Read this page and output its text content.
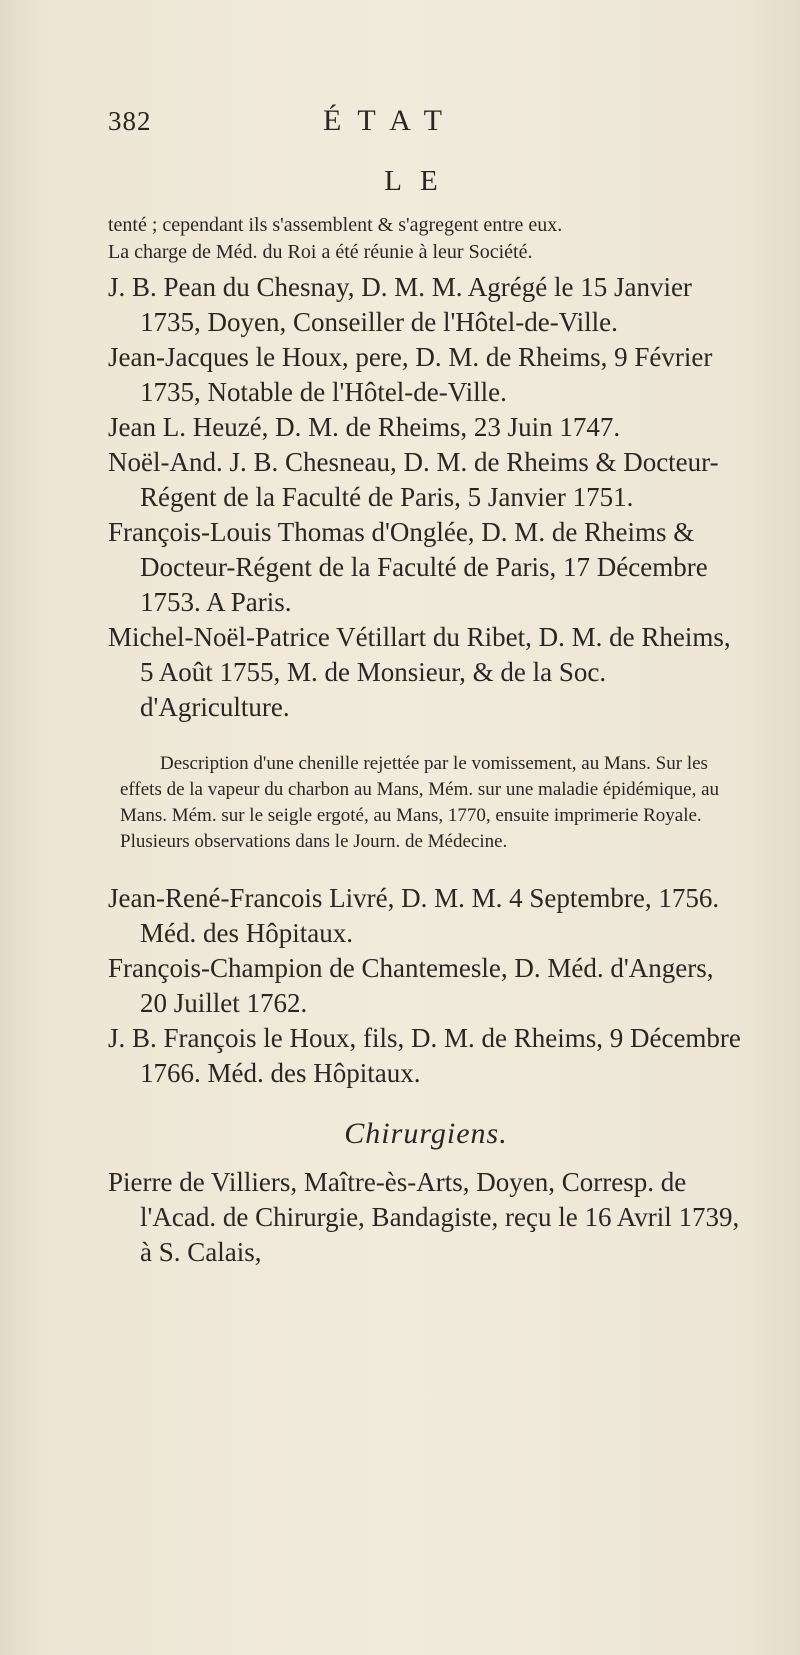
382	ÉTAT
LE

tenté ; cependant ils s'assemblent & s'agregent entre eux.

La charge de Méd. du Roi a été réunie à leur Société.

J. B. Pean du Chesnay, D. M. M. Agrégé le 15 Janvier 1735, Doyen, Conseiller de l'Hôtel-de-Ville.

Jean-Jacques le Houx, pere, D. M. de Rheims, 9 Février 1735, Notable de l'Hôtel-de-Ville.

Jean L. Heuzé, D. M. de Rheims, 23 Juin 1747.

Noël-And. J. B. Chesneau, D. M. de Rheims & Docteur-Régent de la Faculté de Paris, 5 Janvier 1751.

François-Louis Thomas d'Onglée, D. M. de Rheims & Docteur-Régent de la Faculté de Paris, 17 Décembre 1753. A Paris.

Michel-Noël-Patrice Vétillart du Ribet, D. M. de Rheims, 5 Août 1755, M. de Monsieur, & de la Soc. d'Agriculture.

Description d'une chenille rejettée par le vomissement, au Mans. Sur les effets de la vapeur du charbon au Mans, Mém. sur une maladie épidémique, au Mans. Mém. sur le seigle ergoté, au Mans, 1770, ensuite imprimerie Royale. Plusieurs observations dans le Journ. de Médecine.

Jean-René-Francois Livré, D. M. M. 4 Septembre, 1756. Méd. des Hôpitaux.

François-Champion de Chantemesle, D. Méd. d'Angers, 20 Juillet 1762.

J. B. François le Houx, fils, D. M. de Rheims, 9 Décembre 1766. Méd. des Hôpitaux.

Chirurgiens.

Pierre de Villiers, Maître-ès-Arts, Doyen, Corresp. de l'Acad. de Chirurgie, Bandagiste, reçu le 16 Avril 1739, à S. Calais,
